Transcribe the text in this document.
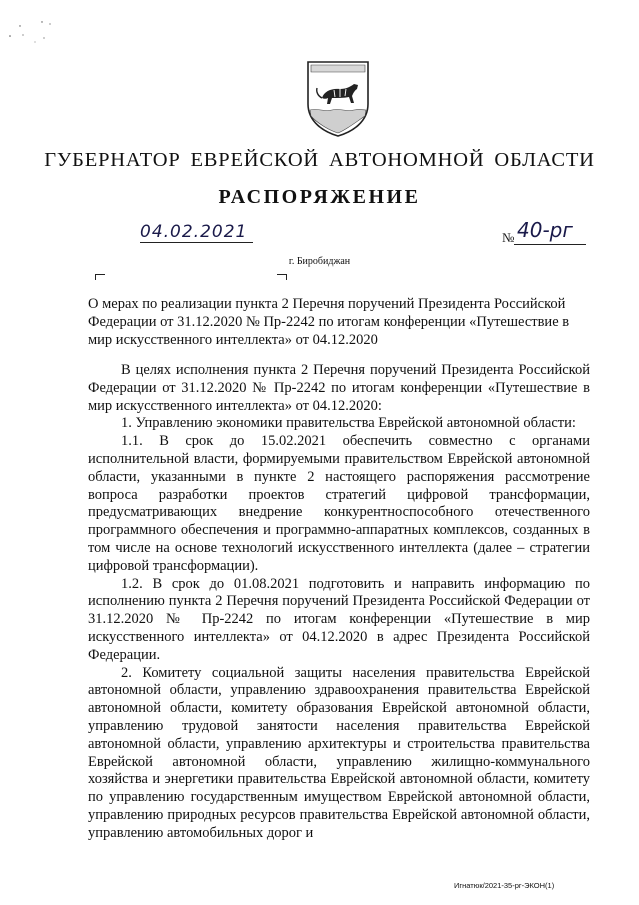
ГУБЕРНАТОР ЕВРЕЙСКОЙ АВТОНОМНОЙ ОБЛАСТИ
РАСПОРЯЖЕНИЕ
04.02.2021	№ 40-рг
г. Биробиджан
О мерах по реализации пункта 2 Перечня поручений Президента Российской Федерации от 31.12.2020 № Пр-2242 по итогам конференции «Путешествие в мир искусственного интеллекта» от 04.12.2020

В целях исполнения пункта 2 Перечня поручений Президента Российской Федерации от 31.12.2020 № Пр-2242 по итогам конференции «Путешествие в мир искусственного интеллекта» от 04.12.2020:

1. Управлению экономики правительства Еврейской автономной области:

1.1. В срок до 15.02.2021 обеспечить совместно с органами исполнительной власти, формируемыми правительством Еврейской автономной области, указанными в пункте 2 настоящего распоряжения рассмотрение вопроса разработки проектов стратегий цифровой трансформации, предусматривающих внедрение конкурентноспособного отечественного программного обеспечения и программно-аппаратных комплексов, созданных в том числе на основе технологий искусственного интеллекта (далее – стратегии цифровой трансформации).

1.2. В срок до 01.08.2021 подготовить и направить информацию по исполнению пункта 2 Перечня поручений Президента Российской Федерации от 31.12.2020 № Пр-2242 по итогам конференции «Путешествие в мир искусственного интеллекта» от 04.12.2020 в адрес Президента Российской Федерации.

2. Комитету социальной защиты населения правительства Еврейской автономной области, управлению здравоохранения правительства Еврейской автономной области, комитету образования Еврейской автономной области, управлению трудовой занятости населения правительства Еврейской автономной области, управлению архитектуры и строительства правительства Еврейской автономной области, управлению жилищно-коммунального хозяйства и энергетики правительства Еврейской автономной области, комитету по управлению государственным имуществом Еврейской автономной области, управлению природных ресурсов правительства Еврейской автономной области, управлению автомобильных дорог и

Игнатюк/2021-35-рг-ЭКОН(1)
